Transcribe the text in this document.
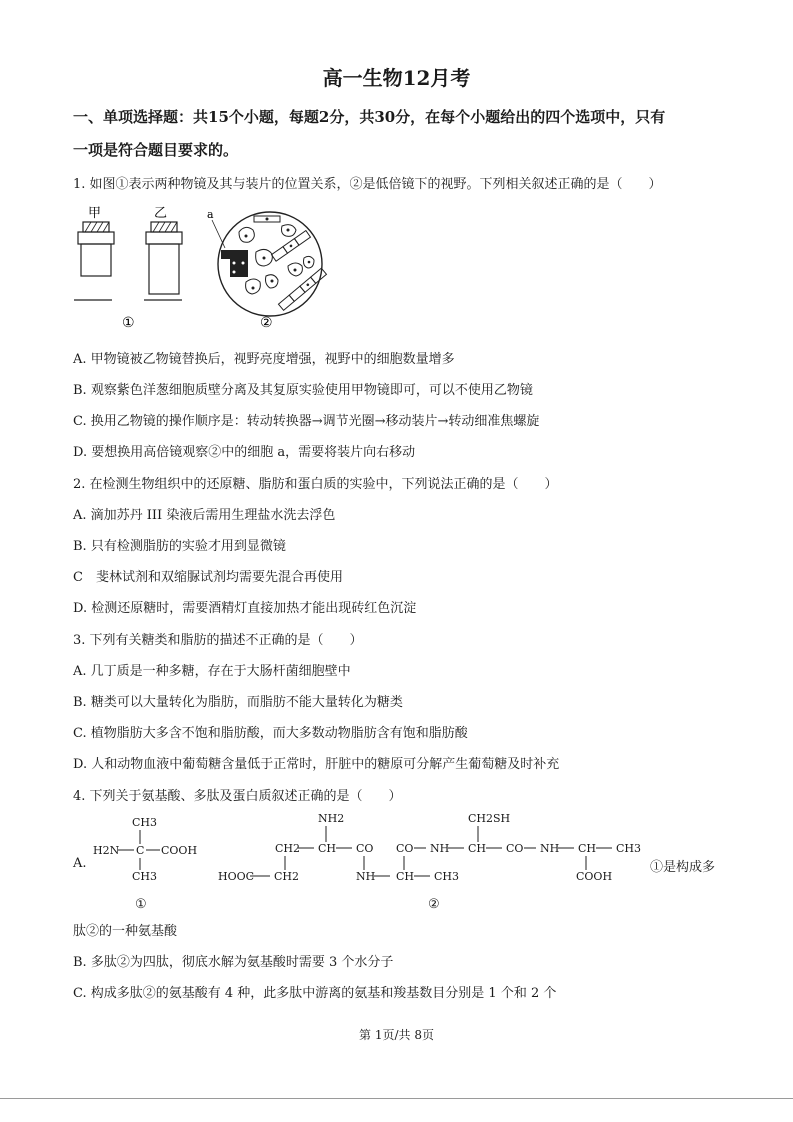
高一生物12月考
一、单项选择题：共15个小题，每题2分，共30分，在每个小题给出的四个选项中，只有
一项是符合题目要求的。
1. 如图①表示两种物镜及其与装片的位置关系，②是低倍镜下的视野。下列相关叙述正确的是（　　）
甲	乙
①
a
②
A. 甲物镜被乙物镜替换后，视野亮度增强，视野中的细胞数量增多
B. 观察紫色洋葱细胞质壁分离及其复原实验使用甲物镜即可，可以不使用乙物镜
C. 换用乙物镜的操作顺序是：转动转换器→调节光圈→移动装片→转动细准焦螺旋
D. 要想换用高倍镜观察②中的细胞 a，需要将装片向右移动
2. 在检测生物组织中的还原糖、脂肪和蛋白质的实验中，下列说法正确的是（　　）
A. 滴加苏丹 III 染液后需用生理盐水洗去浮色
B. 只有检测脂肪的实验才用到显微镜
C　斐林试剂和双缩脲试剂均需要先混合再使用
D. 检测还原糖时，需要酒精灯直接加热才能出现砖红色沉淀
3. 下列有关糖类和脂肪的描述不正确的是（　　）
A. 几丁质是一种多糖，存在于大肠杆菌细胞壁中
B. 糖类可以大量转化为脂肪，而脂肪不能大量转化为糖类
C. 植物脂肪大多含不饱和脂肪酸，而大多数动物脂肪含有饱和脂肪酸
D. 人和动物血液中葡萄糖含量低于正常时，肝脏中的糖原可分解产生葡萄糖及时补充
4. 下列关于氨基酸、多肽及蛋白质叙述正确的是（　　）
A.
CH3
H2N C COOH
CH3
①
NH2	CH2SH
CH2 CH CO CO NH CH CO NH CH CH3
HOOC CH2	NH CH CH3	COOH
②
①是构成多
肽②的一种氨基酸
B. 多肽②为四肽，彻底水解为氨基酸时需要 3 个水分子
C. 构成多肽②的氨基酸有 4 种，此多肽中游离的氨基和羧基数目分别是 1 个和 2 个
第 1页/共 8页
